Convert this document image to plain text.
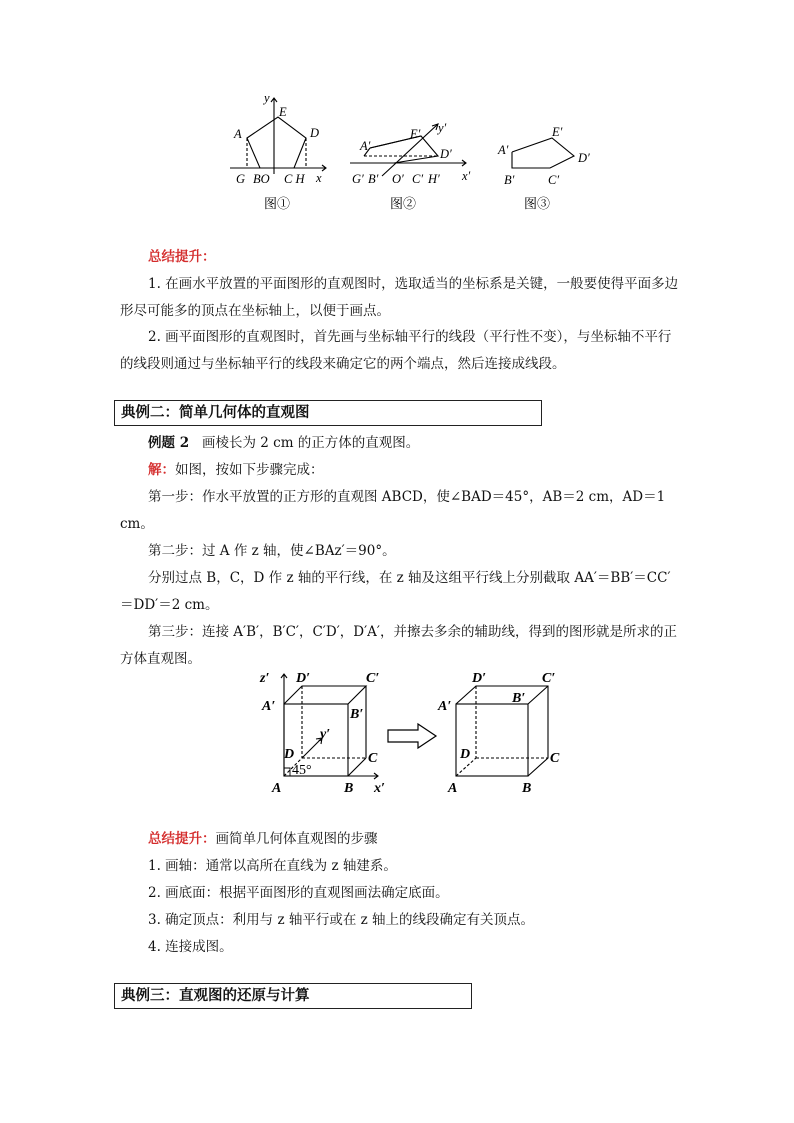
y
E
A	D
G BO C H x
图①
y′
E′
A′
D′
G′ B′ O′ C′ H′ x′
图②
E′
A′
D′
B′	C′
图③

总结提升：

1. 在画水平放置的平面图形的直观图时，选取适当的坐标系是关键，一般要使得平面多边形尽可能多的顶点在坐标轴上，以便于画点。

2. 画平面图形的直观图时，首先画与坐标轴平行的线段（平行性不变），与坐标轴不平行的线段则通过与坐标轴平行的线段来确定它的两个端点，然后连接成线段。

典例二：简单几何体的直观图

例题 2 画棱长为 2 cm 的正方体的直观图。

解：如图，按如下步骤完成：

第一步：作水平放置的正方形的直观图 ABCD，使∠BAD＝45°，AB＝2 cm，AD＝1 cm。

第二步：过 A 作 z 轴，使∠BAz′＝90°。

分别过点 B，C，D 作 z 轴的平行线，在 z 轴及这组平行线上分别截取 AA′＝BB′＝CC′＝DD′＝2 cm。

第三步：连接 A′B′，B′C′，C′D′，D′A′，并擦去多余的辅助线，得到的图形就是所求的正方体直观图。

z′ D′	C′
A′
B′
y′
D	C
45°
A	B x′
D′	C′
B′
A′
D	C
A	B

总结提升：画简单几何体直观图的步骤

1. 画轴：通常以高所在直线为 z 轴建系。

2. 画底面：根据平面图形的直观图画法确定底面。

3. 确定顶点：利用与 z 轴平行或在 z 轴上的线段确定有关顶点。

4. 连接成图。

典例三：直观图的还原与计算
